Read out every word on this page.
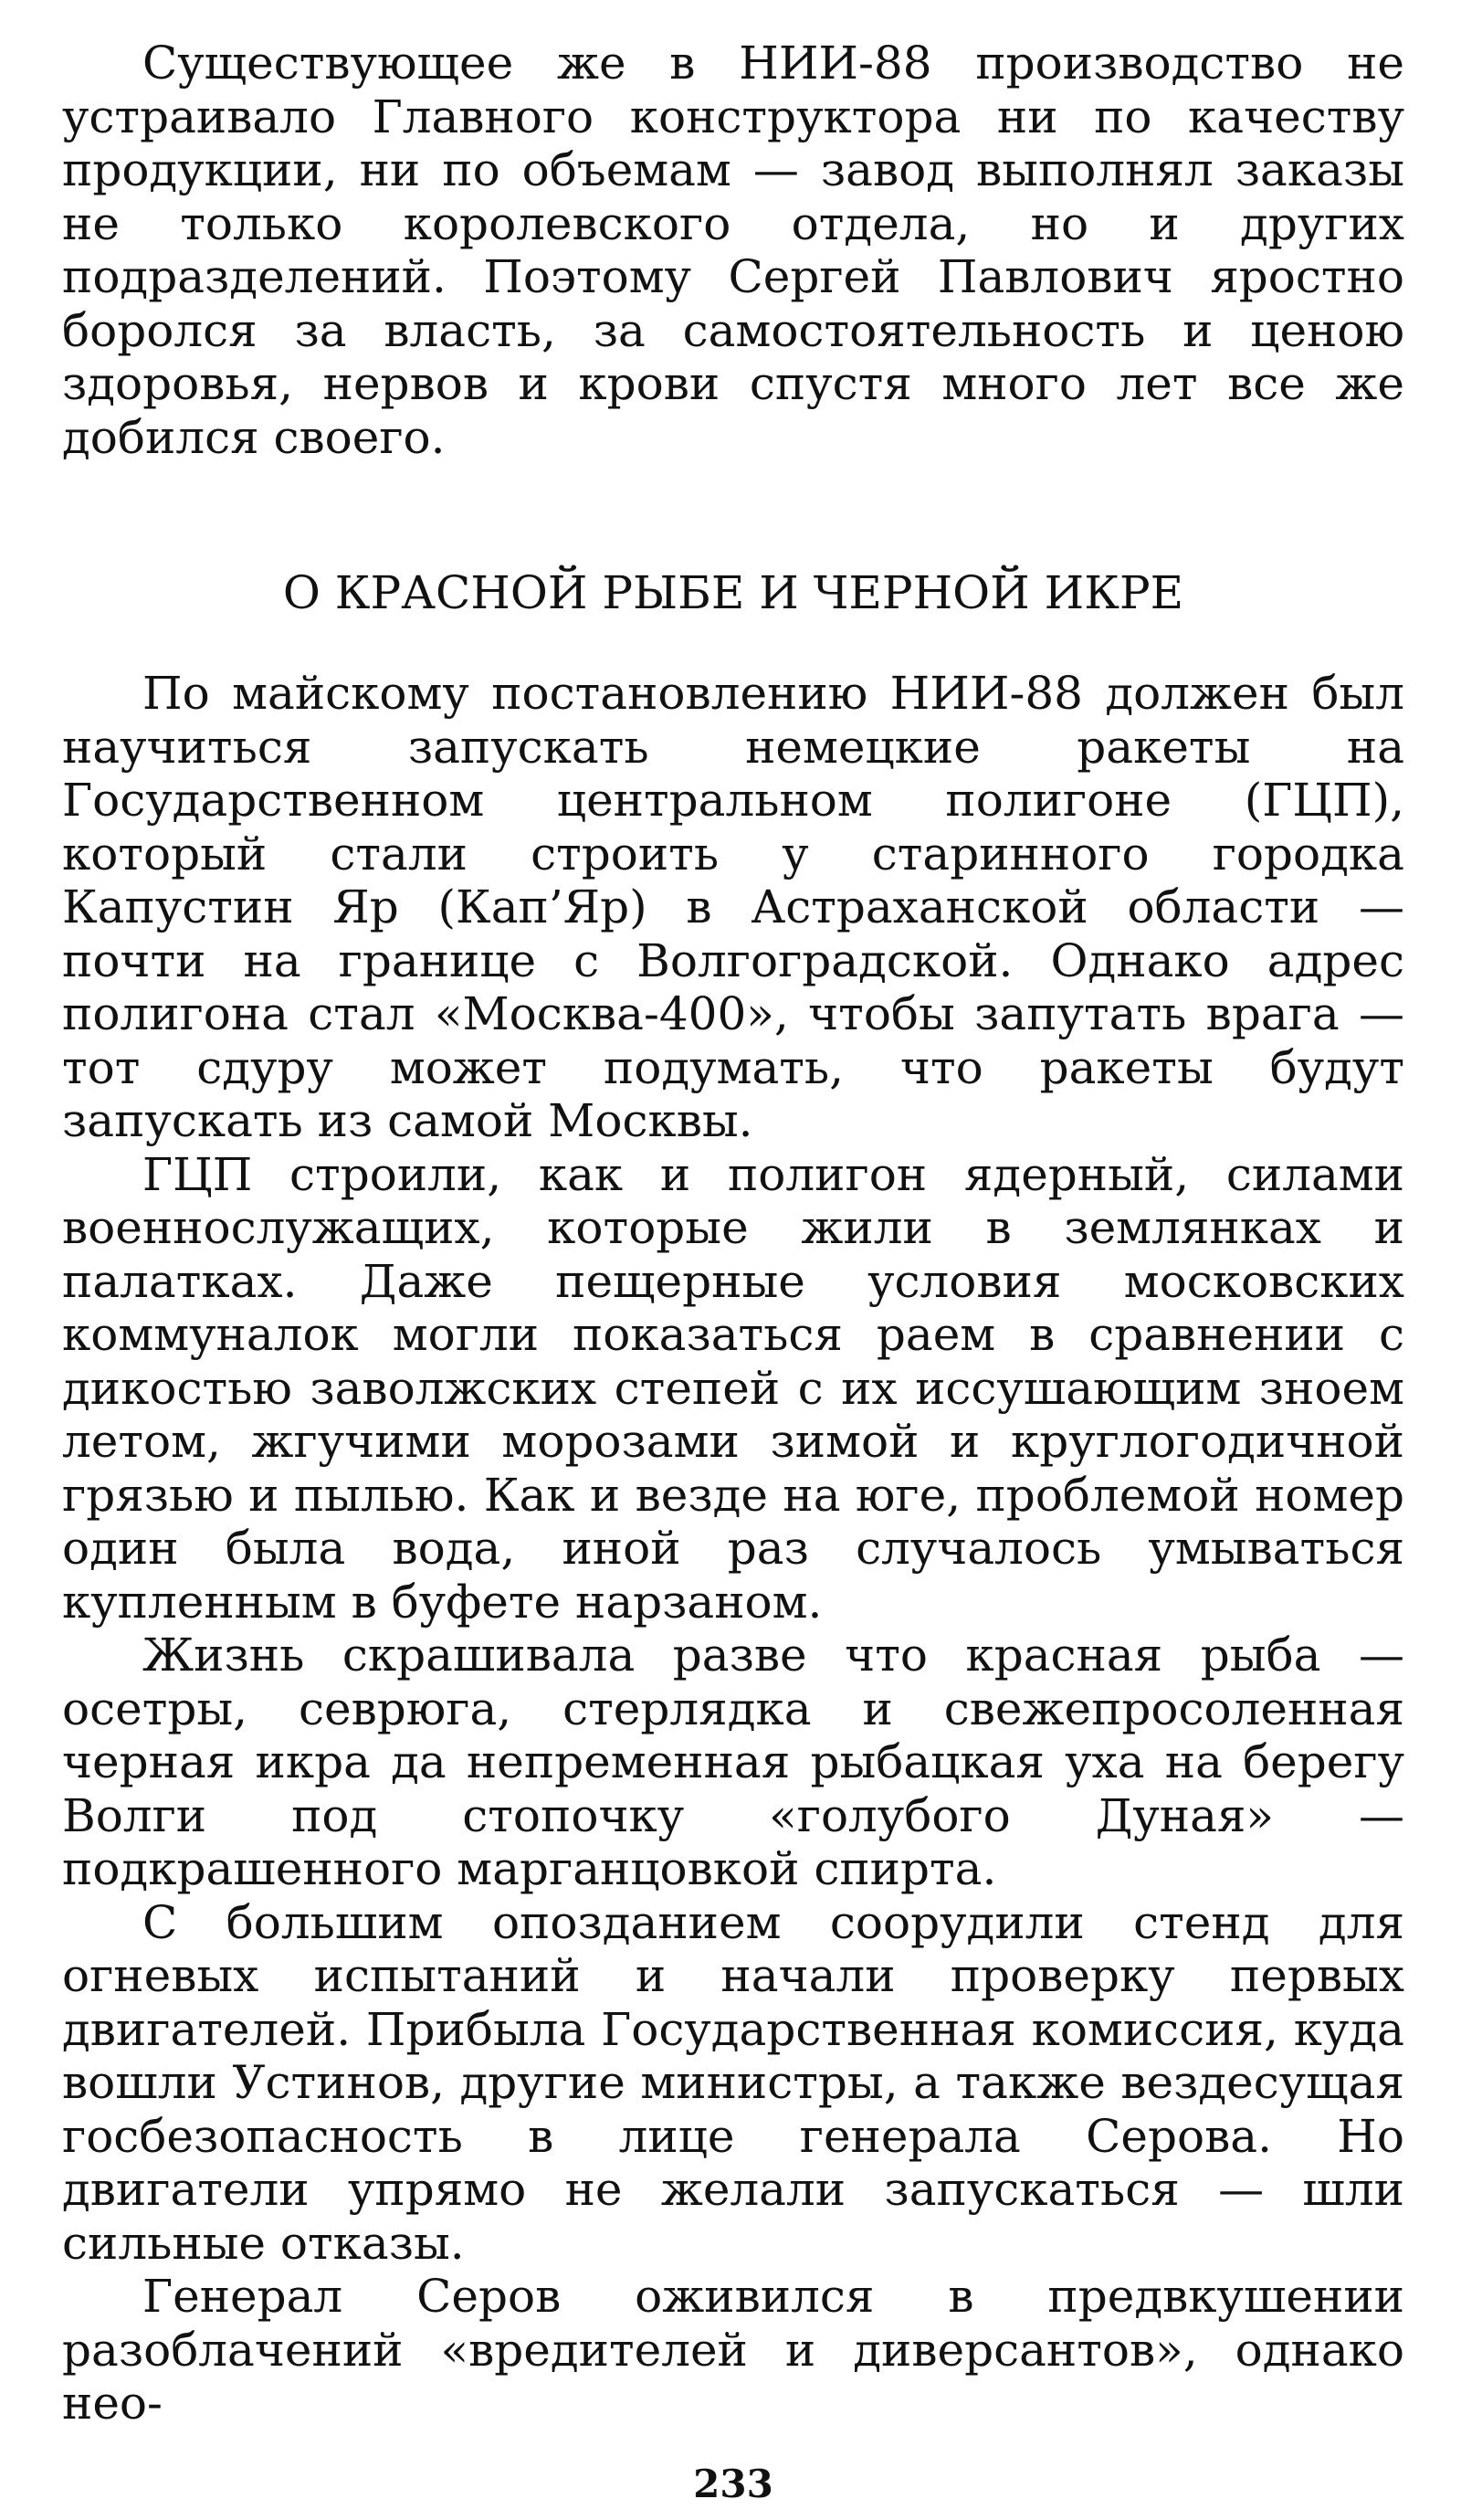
Существующее же в НИИ-88 производство не устраивало Главного конструктора ни по качеству продукции, ни по объемам — завод выполнял заказы не только королевского отдела, но и других подразделений. Поэтому Сергей Павлович яростно боролся за власть, за самостоятельность и ценою здоровья, нервов и крови спустя много лет все же добился своего.

О КРАСНОЙ РЫБЕ И ЧЕРНОЙ ИКРЕ

По майскому постановлению НИИ-88 должен был научиться запускать немецкие ракеты на Государственном центральном полигоне (ГЦП), который стали строить у старинного городка Капустин Яр (Кап’Яр) в Астраханской области — почти на границе с Волгоградской. Однако адрес полигона стал «Москва-400», чтобы запутать врага — тот сдуру может подумать, что ракеты будут запускать из самой Москвы.

ГЦП строили, как и полигон ядерный, силами военнослужащих, которые жили в землянках и палатках. Даже пещерные условия московских коммуналок могли показаться раем в сравнении с дикостью заволжских степей с их иссушающим зноем летом, жгучими морозами зимой и круглогодичной грязью и пылью. Как и везде на юге, проблемой номер один была вода, иной раз случалось умываться купленным в буфете нарзаном.

Жизнь скрашивала разве что красная рыба — осетры, севрюга, стерлядка и свежепросоленная черная икра да непременная рыбацкая уха на берегу Волги под стопочку «голубого Дуная» — подкрашенного марганцовкой спирта.

С большим опозданием соорудили стенд для огневых испытаний и начали проверку первых двигателей. Прибыла Государственная комиссия, куда вошли Устинов, другие министры, а также вездесущая госбезопасность в лице генерала Серова. Но двигатели упрямо не желали запускаться — шли сильные отказы.

Генерал Серов оживился в предвкушении разоблачений «вредителей и диверсантов», однако нео-

233
